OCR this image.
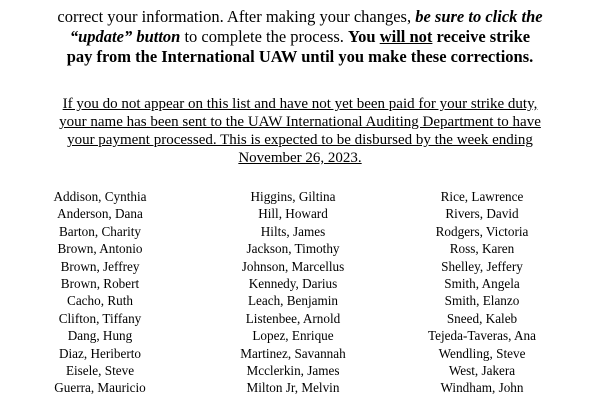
correct your information. After making your changes, be sure to click the
“update” button to complete the process. You will not receive strike
pay from the International UAW until you make these corrections.
If you do not appear on this list and have not yet been paid for your strike duty,
your name has been sent to the UAW International Auditing Department to have
your payment processed. This is expected to be disbursed by the week ending
November 26, 2023.
Addison, Cynthia
Anderson, Dana
Barton, Charity
Brown, Antonio
Brown, Jeffrey
Brown, Robert
Cacho, Ruth
Clifton, Tiffany
Dang, Hung
Diaz, Heriberto
Eisele, Steve
Guerra, Mauricio
Higgins, Giltina
Hill, Howard
Hilts, James
Jackson, Timothy
Johnson, Marcellus
Kennedy, Darius
Leach, Benjamin
Listenbee, Arnold
Lopez, Enrique
Martinez, Savannah
Mcclerkin, James
Milton Jr, Melvin
Rice, Lawrence
Rivers, David
Rodgers, Victoria
Ross, Karen
Shelley, Jeffery
Smith, Angela
Smith, Elanzo
Sneed, Kaleb
Tejeda-Taveras, Ana
Wendling, Steve
West, Jakera
Windham, John
